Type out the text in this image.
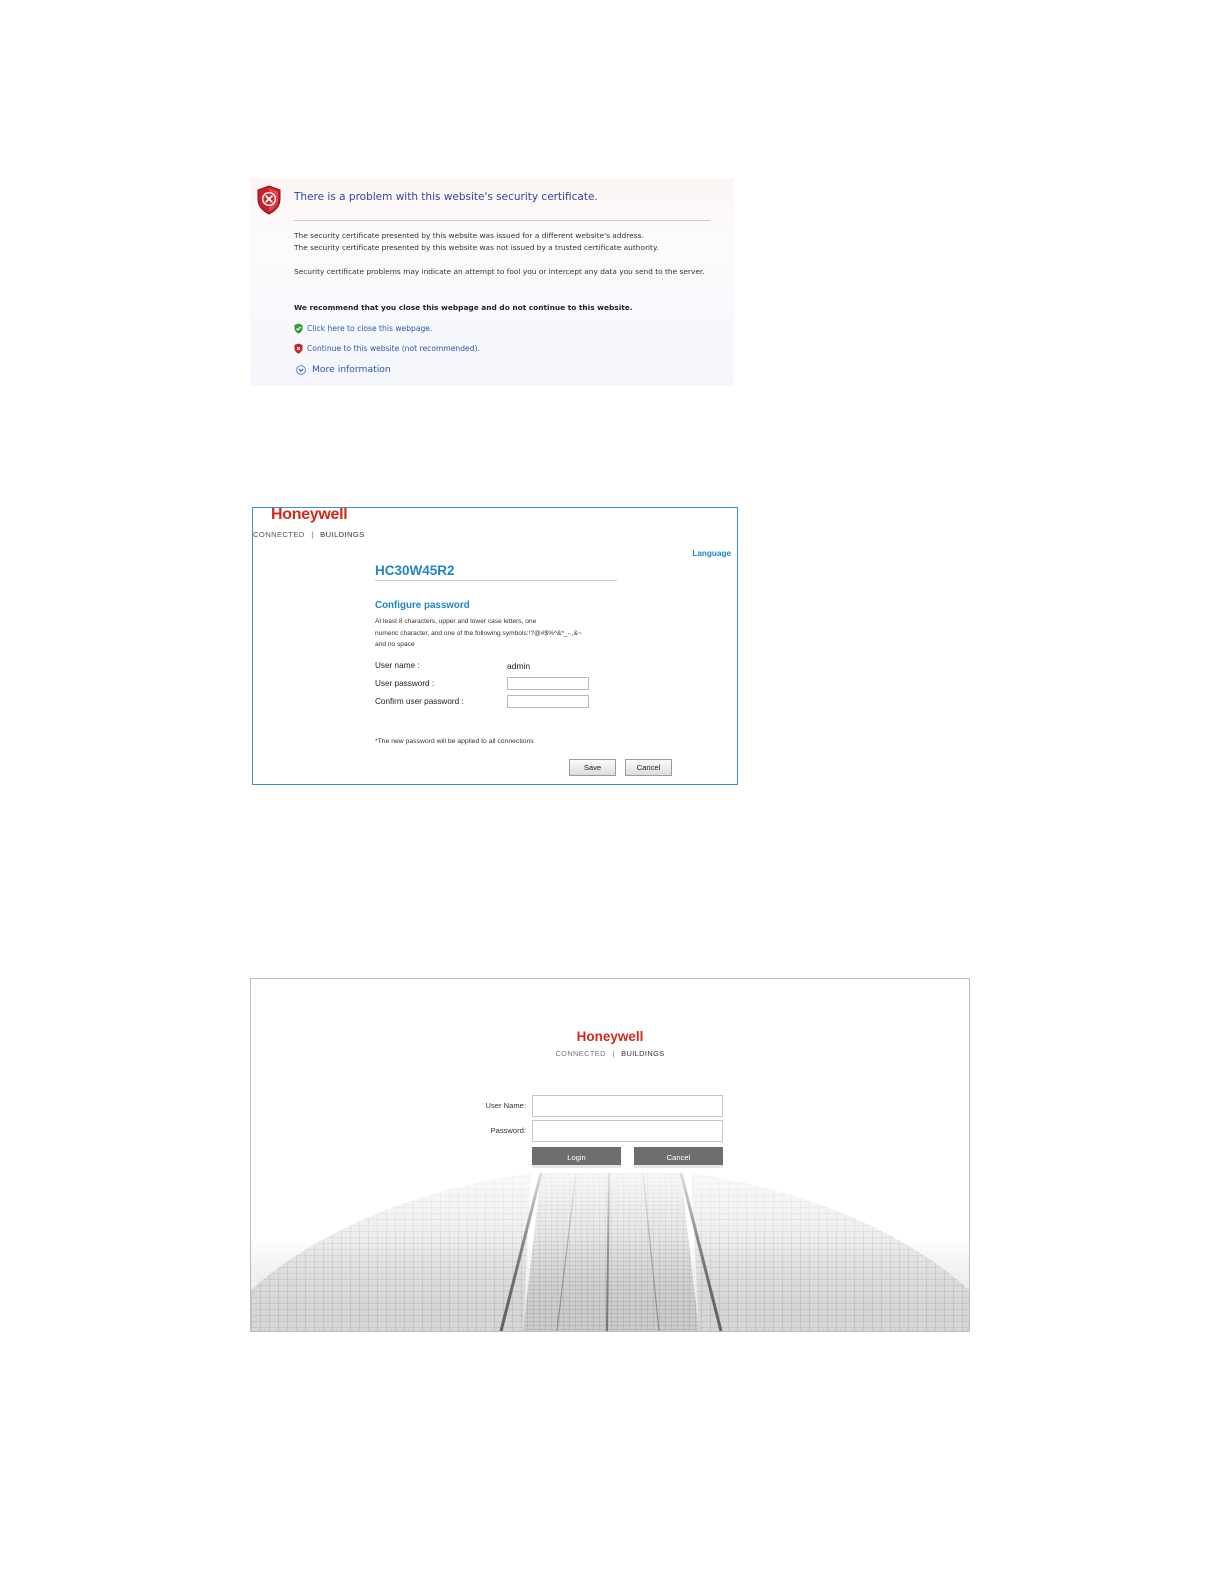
There is a problem with this website's security certificate.
The security certificate presented by this website was issued for a different website's address.
The security certificate presented by this website was not issued by a trusted certificate authority.
Security certificate problems may indicate an attempt to fool you or intercept any data you send to the server.
We recommend that you close this webpage and do not continue to this website.
Click here to close this webpage.
Continue to this website (not recommended).
More information
Honeywell
CONNECTED | BUILDINGS
Language
HC30W45R2
Configure password
At least 8 characters, upper and lower case letters, one
numeric character, and one of the following symbols:!?@#$%^&*_-.,&~
and no space
User name :	admin
User password :
Confirm user password :
*The new password will be applied to all connections
Save	Cancel
Honeywell
CONNECTED | BUILDINGS
User Name:
Password:
Login	Cancel
